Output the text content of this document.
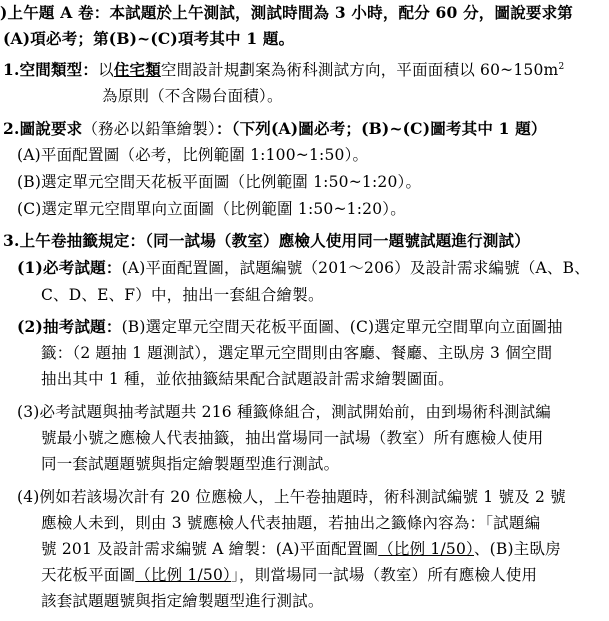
)上午題 A 卷：本試題於上午測試，測試時間為 3 小時，配分 60 分，圖說要求第
(A)項必考；第(B)~(C)項考其中 1 題。
1.空間類型：以住宅類空間設計規劃案為術科測試方向，平面面積以 $60\sim 150m^2$
為原則（不含陽台面積）。
2.圖說要求（務必以鉛筆繪製）：（下列(A)圖必考；(B)~(C)圖考其中 1 題）
(A)平面配置圖（必考，比例範圍 1:100~1:50）。
(B)選定單元空間天花板平面圖（比例範圍 1:50~1:20）。
(C)選定單元空間單向立面圖（比例範圍 1:50~1:20）。
3.上午卷抽籤規定：（同一試場（教室）應檢人使用同一題號試題進行測試）
(1)必考試題：(A)平面配置圖，試題編號（201～206）及設計需求編號（A、B、
C、D、E、F）中，抽出一套組合繪製。
(2)抽考試題：(B)選定單元空間天花板平面圖、(C)選定單元空間單向立面圖抽
籤：（2 題抽 1 題測試），選定單元空間則由客廳、餐廳、主臥房 3 個空間
抽出其中 1 種，並依抽籤結果配合試題設計需求繪製圖面。
(3)必考試題與抽考試題共 216 種籤條組合，測試開始前，由到場術科測試編
號最小號之應檢人代表抽籤，抽出當場同一試場（教室）所有應檢人使用
同一套試題題號與指定繪製題型進行測試。
(4)例如若該場次計有 20 位應檢人，上午卷抽題時，術科測試編號 1 號及 2 號
應檢人未到，則由 3 號應檢人代表抽題，若抽出之籤條內容為：「試題編
號 201 及設計需求編號 A 繪製：(A)平面配置圖（比例 1/50）、(B)主臥房
天花板平面圖（比例 1/50）」，則當場同一試場（教室）所有應檢人使用
該套試題題號與指定繪製題型進行測試。
